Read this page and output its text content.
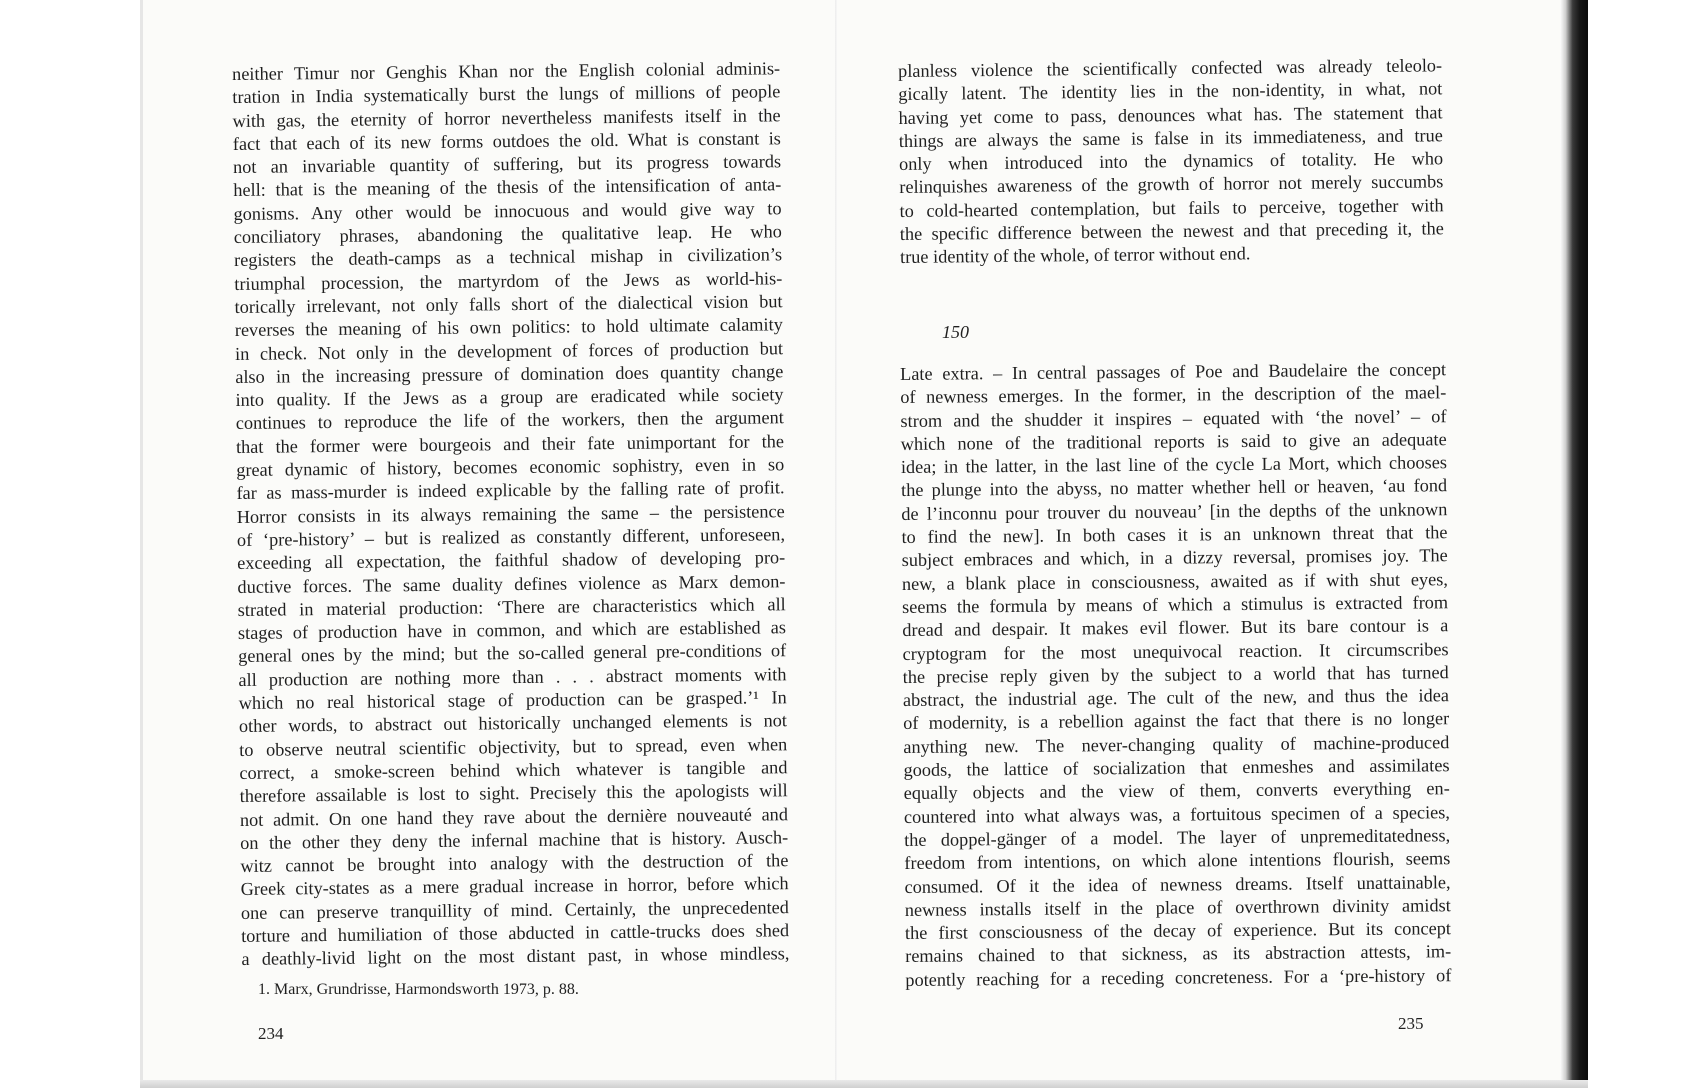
neither Timur nor Genghis Khan nor the English colonial adminis-
tration in India systematically burst the lungs of millions of people
with gas, the eternity of horror nevertheless manifests itself in the
fact that each of its new forms outdoes the old. What is constant is
not an invariable quantity of suffering, but its progress towards
hell: that is the meaning of the thesis of the intensification of anta-
gonisms. Any other would be innocuous and would give way to
conciliatory phrases, abandoning the qualitative leap. He who
registers the death-camps as a technical mishap in civilization’s
triumphal procession, the martyrdom of the Jews as world-his-
torically irrelevant, not only falls short of the dialectical vision but
reverses the meaning of his own politics: to hold ultimate calamity
in check. Not only in the development of forces of production but
also in the increasing pressure of domination does quantity change
into quality. If the Jews as a group are eradicated while society
continues to reproduce the life of the workers, then the argument
that the former were bourgeois and their fate unimportant for the
great dynamic of history, becomes economic sophistry, even in so
far as mass-murder is indeed explicable by the falling rate of profit.
Horror consists in its always remaining the same – the persistence
of ‘pre-history’ – but is realized as constantly different, unforeseen,
exceeding all expectation, the faithful shadow of developing pro-
ductive forces. The same duality defines violence as Marx demon-
strated in material production: ‘There are characteristics which all
stages of production have in common, and which are established as
general ones by the mind; but the so-called general pre-conditions of
all production are nothing more than . . . abstract moments with
which no real historical stage of production can be grasped.’¹ In
other words, to abstract out historically unchanged elements is not
to observe neutral scientific objectivity, but to spread, even when
correct, a smoke-screen behind which whatever is tangible and
therefore assailable is lost to sight. Precisely this the apologists will
not admit. On one hand they rave about the dernière nouveauté and
on the other they deny the infernal machine that is history. Ausch-
witz cannot be brought into analogy with the destruction of the
Greek city-states as a mere gradual increase in horror, before which
one can preserve tranquillity of mind. Certainly, the unprecedented
torture and humiliation of those abducted in cattle-trucks does shed
a deathly-livid light on the most distant past, in whose mindless,
1. Marx, Grundrisse, Harmondsworth 1973, p. 88.
234
planless violence the scientifically confected was already teleolo-
gically latent. The identity lies in the non-identity, in what, not
having yet come to pass, denounces what has. The statement that
things are always the same is false in its immediateness, and true
only when introduced into the dynamics of totality. He who
relinquishes awareness of the growth of horror not merely succumbs
to cold-hearted contemplation, but fails to perceive, together with
the specific difference between the newest and that preceding it, the
true identity of the whole, of terror without end.
150
Late extra. – In central passages of Poe and Baudelaire the concept
of newness emerges. In the former, in the description of the mael-
strom and the shudder it inspires – equated with ‘the novel’ – of
which none of the traditional reports is said to give an adequate
idea; in the latter, in the last line of the cycle La Mort, which chooses
the plunge into the abyss, no matter whether hell or heaven, ‘au fond
de l’inconnu pour trouver du nouveau’ [in the depths of the unknown
to find the new]. In both cases it is an unknown threat that the
subject embraces and which, in a dizzy reversal, promises joy. The
new, a blank place in consciousness, awaited as if with shut eyes,
seems the formula by means of which a stimulus is extracted from
dread and despair. It makes evil flower. But its bare contour is a
cryptogram for the most unequivocal reaction. It circumscribes
the precise reply given by the subject to a world that has turned
abstract, the industrial age. The cult of the new, and thus the idea
of modernity, is a rebellion against the fact that there is no longer
anything new. The never-changing quality of machine-produced
goods, the lattice of socialization that enmeshes and assimilates
equally objects and the view of them, converts everything en-
countered into what always was, a fortuitous specimen of a species,
the doppel-gänger of a model. The layer of unpremeditatedness,
freedom from intentions, on which alone intentions flourish, seems
consumed. Of it the idea of newness dreams. Itself unattainable,
newness installs itself in the place of overthrown divinity amidst
the first consciousness of the decay of experience. But its concept
remains chained to that sickness, as its abstraction attests, im-
potently reaching for a receding concreteness. For a ‘pre-history of
235
